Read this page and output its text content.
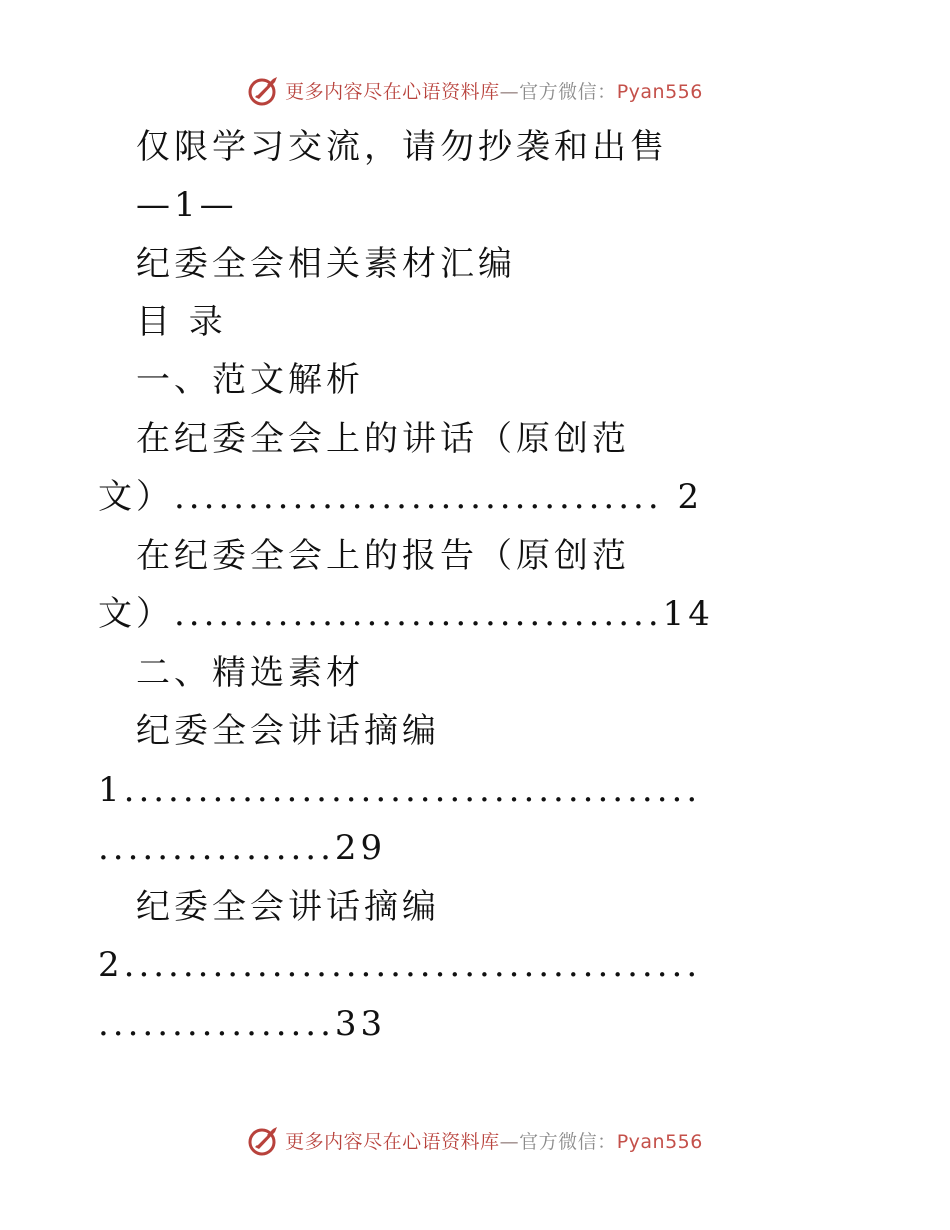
更多内容尽在心语资料库—官方微信：Pyan556
仅限学习交流，请勿抄袭和出售
—1—
纪委全会相关素材汇编
目 录
一、范文解析
在纪委全会上的讲话（原创范
文）................................. 2
在纪委全会上的报告（原创范
文）.................................14
二、精选素材
纪委全会讲话摘编
1.......................................
................29
纪委全会讲话摘编
2.......................................
................33
更多内容尽在心语资料库—官方微信：Pyan556
